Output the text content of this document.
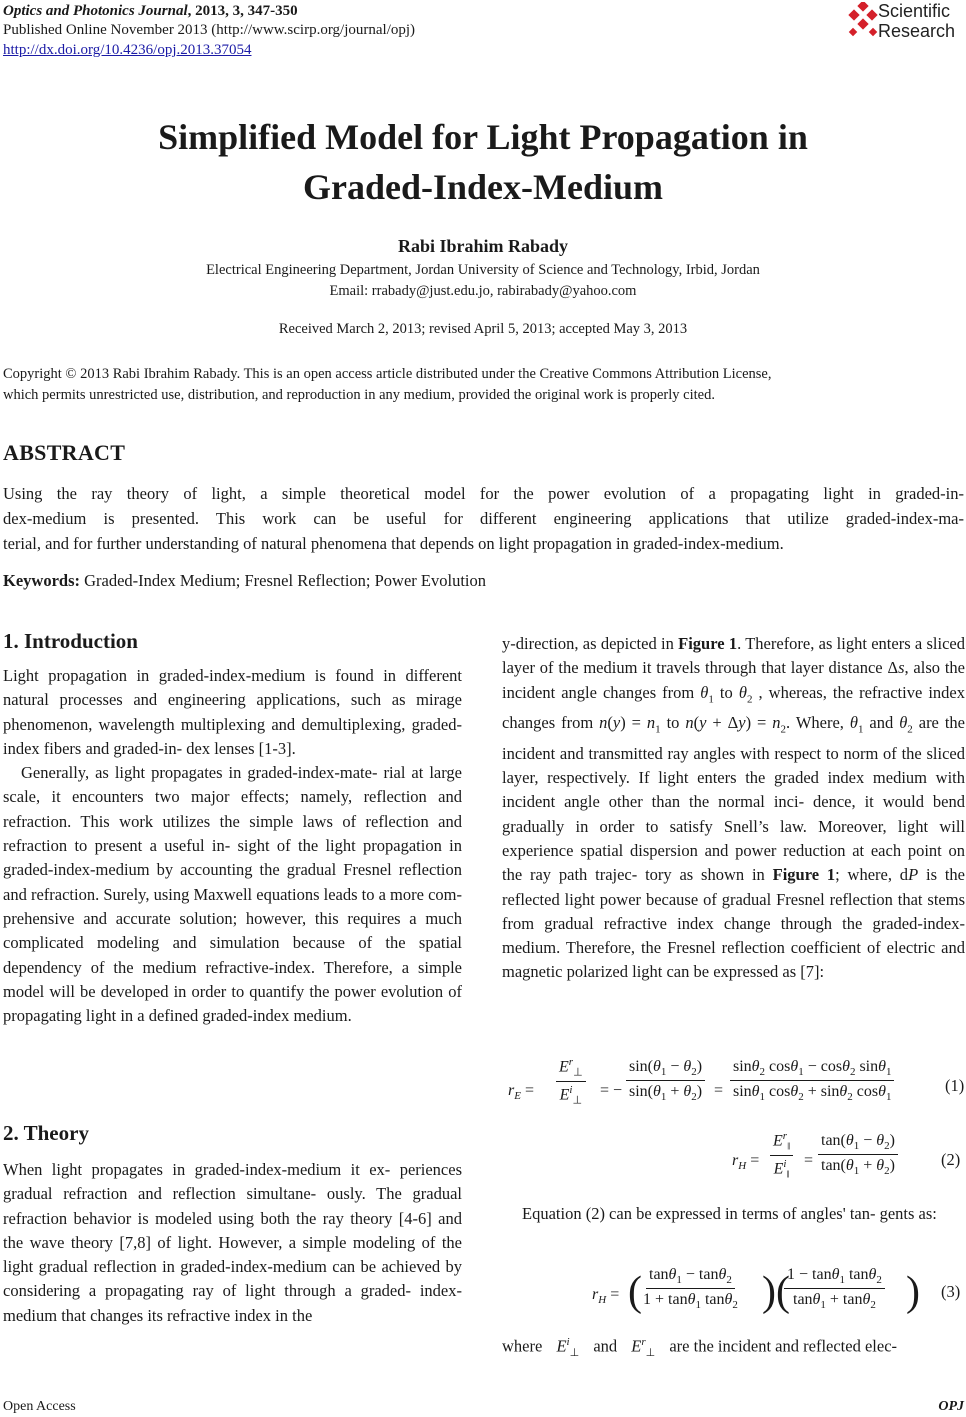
Optics and Photonics Journal, 2013, 3, 347-350
Published Online November 2013 (http://www.scirp.org/journal/opj)
http://dx.doi.org/10.4236/opj.2013.37054
Scientific
Research
Simplified Model for Light Propagation in
Graded-Index-Medium
Rabi Ibrahim Rabady
Electrical Engineering Department, Jordan University of Science and Technology, Irbid, Jordan
Email: rrabady@just.edu.jo, rabirabady@yahoo.com
Received March 2, 2013; revised April 5, 2013; accepted May 3, 2013
Copyright © 2013 Rabi Ibrahim Rabady. This is an open access article distributed under the Creative Commons Attribution License,
which permits unrestricted use, distribution, and reproduction in any medium, provided the original work is properly cited.
ABSTRACT
Using the ray theory of light, a simple theoretical model for the power evolution of a propagating light in graded-in-
dex-medium is presented. This work can be useful for different engineering applications that utilize graded-index-ma-
terial, and for further understanding of natural phenomena that depends on light propagation in graded-index-medium.
Keywords: Graded-Index Medium; Fresnel Reflection; Power Evolution
1. Introduction

Light propagation in graded-index-medium is found in different natural processes and engineering applications, such as mirage phenomenon, wavelength multiplexing and demultiplexing, graded-index fibers and graded-in- dex lenses [1-3].

Generally, as light propagates in graded-index-mate- rial at large scale, it encounters two major effects; namely, reflection and refraction. This work utilizes the simple laws of reflection and refraction to present a useful in- sight of the light propagation in graded-index-medium by accounting the gradual Fresnel reflection and refraction. Surely, using Maxwell equations leads to a more com- prehensive and accurate solution; however, this requires a much complicated modeling and simulation because of the spatial dependency of the medium refractive-index. Therefore, a simple model will be developed in order to quantify the power evolution of propagating light in a defined graded-index medium.

2. Theory

When light propagates in graded-index-medium it ex- periences gradual refraction and reflection simultane- ously. The gradual refraction behavior is modeled using both the ray theory [4-6] and the wave theory [7,8] of light. However, a simple modeling of the light gradual reflection in graded-index-medium can be achieved by considering a propagating ray of light through a graded- index-medium that changes its refractive index in the

y-direction, as depicted in Figure 1. Therefore, as light enters a sliced layer of the medium it travels through that layer distance Δs, also the incident angle changes from $\theta_1$ to $\theta_2$ , whereas, the refractive index changes from $n(y) = n_1$ to $n(y + \Delta y) = n_2$. Where, $\theta_1$ and $\theta_2$ are the incident and transmitted ray angles with respect to norm of the sliced layer, respectively. If light enters the graded index medium with incident angle other than the normal inci- dence, it would bend gradually in order to satisfy Snell’s law. Moreover, light will experience spatial dispersion and power reduction at each point on the ray path trajec- tory as shown in Figure 1; where, dP is the reflected light power because of gradual Fresnel reflection that stems from gradual refractive index change through the graded-index-medium. Therefore, the Fresnel reflection coefficient of electric and magnetic polarized light can be expressed as [7]:

$r_E = \frac{E^r_\perp}{E^i_\perp}$ = − $\frac{\sin(\theta_1 - \theta_2)}{\sin(\theta_1 + \theta_2)} = \frac{\sin\theta_2 \cos\theta_1 - \cos\theta_2 \sin\theta_1}{\sin\theta_1 \cos\theta_2 + \sin\theta_2 \cos\theta_1}$	(1)
$r_H = \frac{E^r_‖}{E^i_‖} = \frac{\tan(\theta_1 - \theta_2)}{\tan(\theta_1 + \theta_2)}$	(2)

Equation (2) can be expressed in terms of angles' tan- gents as:

$r_H$ = (
$\frac{\tan\theta_1 - \tan\theta_2}{1 + \tan\theta_1 \tan\theta_2}$ )(
$\frac{1 - \tan\theta_1 \tan\theta_2}{\tan\theta_1 + \tan\theta_2}$ ) (3)
where $E^i_\perp$ and $E^r_\perp$ are the incident and reflected elec-
Open Access	OPJ
